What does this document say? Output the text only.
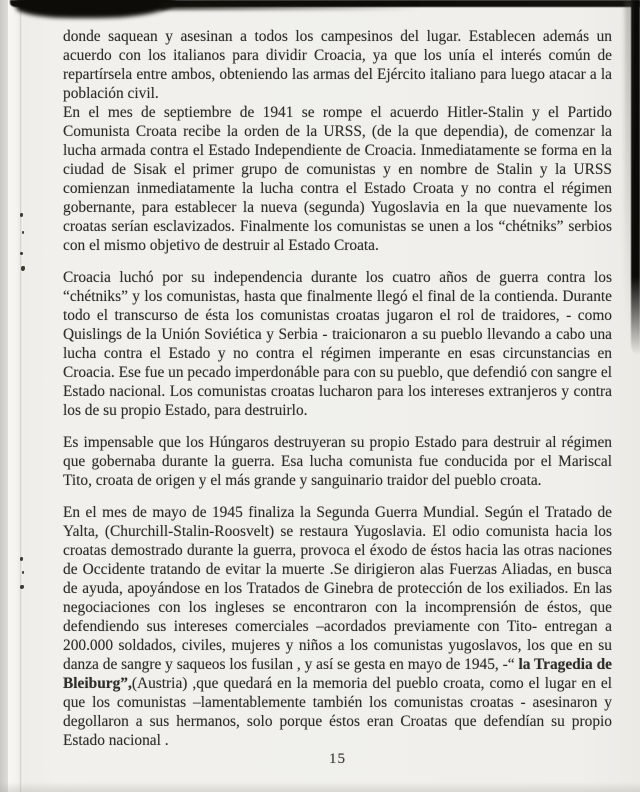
donde saquean y asesinan a todos los campesinos del lugar. Establecen además un acuerdo con los italianos para dividir Croacia, ya que los unía el interés común de repartírsela entre ambos, obteniendo las armas del Ejército italiano para luego atacar a la población civil.

En el mes de septiembre de 1941 se rompe el acuerdo Hitler-Stalin y el Partido Comunista Croata recibe la orden de la URSS, (de la que dependia), de comenzar la lucha armada contra el Estado Independiente de Croacia. Inmediatamente se forma en la ciudad de Sisak el primer grupo de comunistas y en nombre de Stalin y la URSS comienzan inmediatamente la lucha contra el Estado Croata y no contra el régimen gobernante, para establecer la nueva (segunda) Yugoslavia en la que nuevamente los croatas serían esclavizados. Finalmente los comunistas se unen a los “chétniks” serbios con el mismo objetivo de destruir al Estado Croata.

Croacia luchó por su independencia durante los cuatro años de guerra contra los “chétniks” y los comunistas, hasta que finalmente llegó el final de la contienda. Durante todo el transcurso de ésta los comunistas croatas jugaron el rol de traidores, - como Quislings de la Unión Soviética y Serbia - traicionaron a su pueblo llevando a cabo una lucha contra el Estado y no contra el régimen imperante en esas circunstancias en Croacia. Ese fue un pecado imperdonáble para con su pueblo, que defendió con sangre el Estado nacional. Los comunistas croatas lucharon para los intereses extranjeros y contra los de su propio Estado, para destruirlo.

Es impensable que los Húngaros destruyeran su propio Estado para destruir al régimen que gobernaba durante la guerra. Esa lucha comunista fue conducida por el Mariscal Tito, croata de origen y el más grande y sanguinario traidor del pueblo croata.

En el mes de mayo de 1945 finaliza la Segunda Guerra Mundial. Según el Tratado de Yalta, (Churchill-Stalin-Roosvelt) se restaura Yugoslavia. El odio comunista hacia los croatas demostrado durante la guerra, provoca el éxodo de éstos hacia las otras naciones de Occidente tratando de evitar la muerte .Se dirigieron alas Fuerzas Aliadas, en busca de ayuda, apoyándose en los Tratados de Ginebra de protección de los exiliados. En las negociaciones con los ingleses se encontraron con la incomprensión de éstos, que defendiendo sus intereses comerciales –acordados previamente con Tito- entregan a 200.000 soldados, civiles, mujeres y niños a los comunistas yugoslavos, los que en su danza de sangre y saqueos los fusilan , y así se gesta en mayo de 1945, -“ la Tragedia de Bleiburg”,(Austria) ,que quedará en la memoria del pueblo croata, como el lugar en el que los comunistas –lamentablemente también los comunistas croatas - asesinaron y degollaron a sus hermanos, solo porque éstos eran Croatas que defendían su propio Estado nacional .

15
